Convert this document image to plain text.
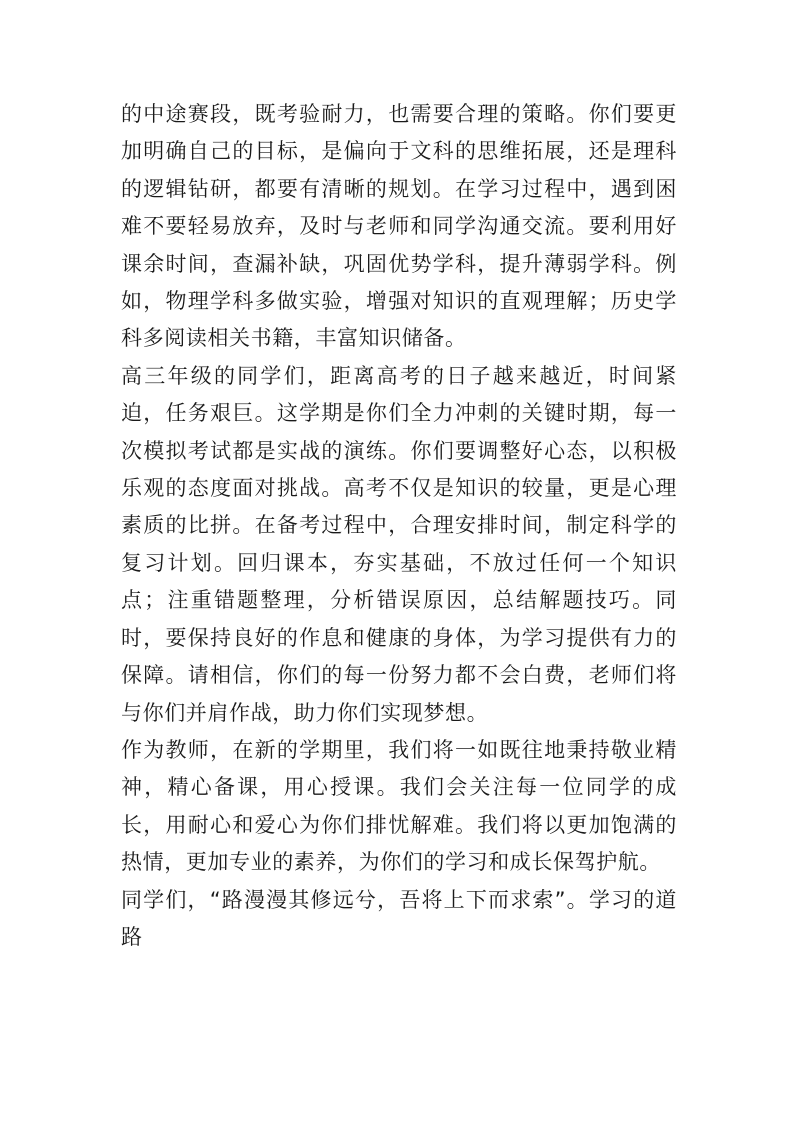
的中途赛段，既考验耐力，也需要合理的策略。你们要更加明确自己的目标，是偏向于文科的思维拓展，还是理科的逻辑钻研，都要有清晰的规划。在学习过程中，遇到困难不要轻易放弃，及时与老师和同学沟通交流。要利用好课余时间，查漏补缺，巩固优势学科，提升薄弱学科。例如，物理学科多做实验，增强对知识的直观理解；历史学科多阅读相关书籍，丰富知识储备。

高三年级的同学们，距离高考的日子越来越近，时间紧迫，任务艰巨。这学期是你们全力冲刺的关键时期，每一次模拟考试都是实战的演练。你们要调整好心态，以积极乐观的态度面对挑战。高考不仅是知识的较量，更是心理素质的比拼。在备考过程中，合理安排时间，制定科学的复习计划。回归课本，夯实基础，不放过任何一个知识点；注重错题整理，分析错误原因，总结解题技巧。同时，要保持良好的作息和健康的身体，为学习提供有力的保障。请相信，你们的每一份努力都不会白费，老师们将与你们并肩作战，助力你们实现梦想。

作为教师，在新的学期里，我们将一如既往地秉持敬业精神，精心备课，用心授课。我们会关注每一位同学的成长，用耐心和爱心为你们排忧解难。我们将以更加饱满的热情，更加专业的素养，为你们的学习和成长保驾护航。

同学们，“路漫漫其修远兮，吾将上下而求索”。学习的道路
